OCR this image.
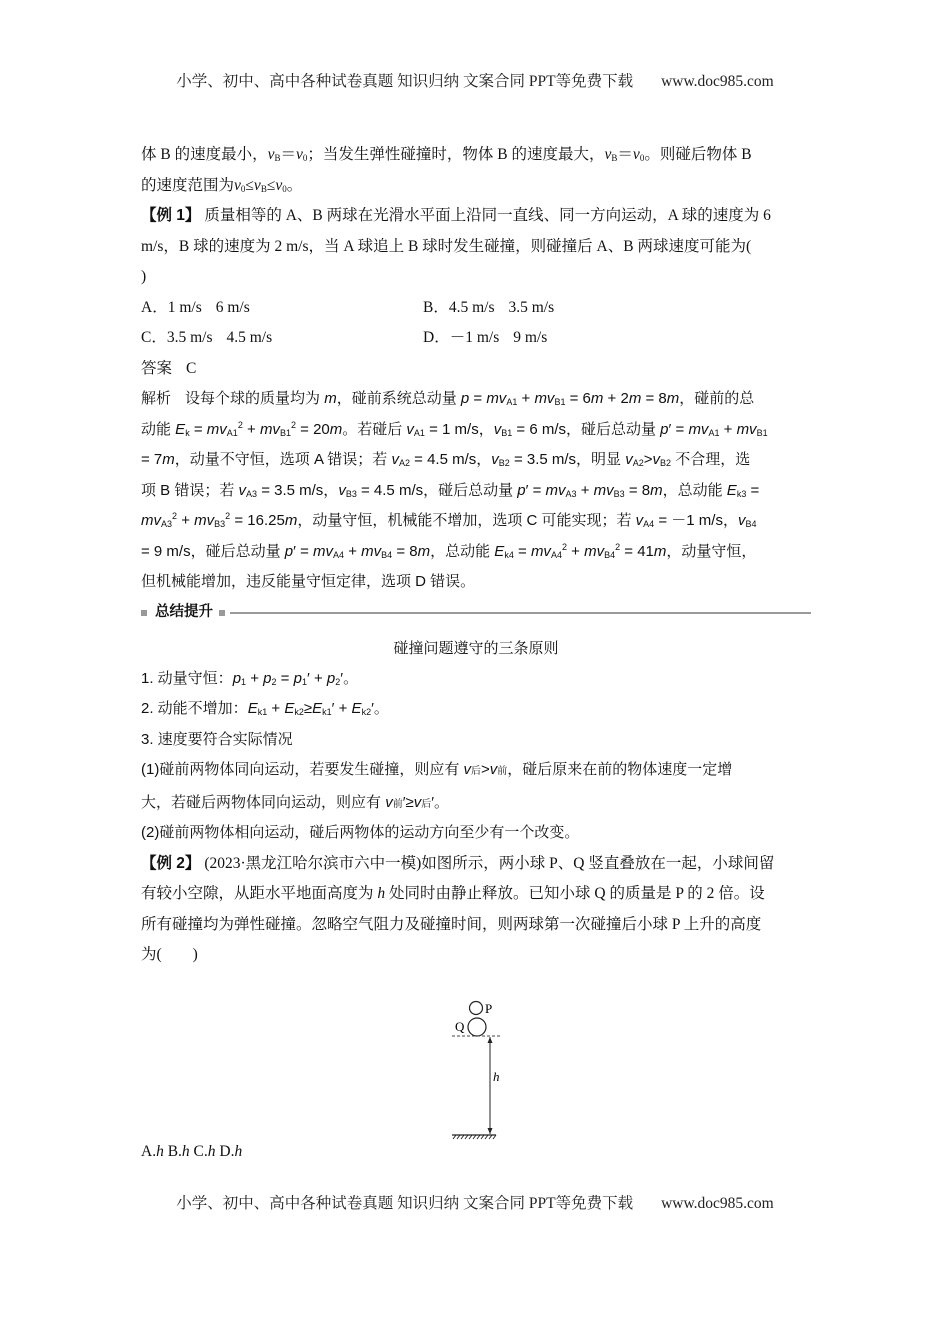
小学、初中、高中各种试卷真题 知识归纳 文案合同 PPT等免费下载 www.doc985.com
体 B 的速度最小，$v_B=v_0$；当发生弹性碰撞时，物体 B 的速度最大，$v_B=v_0$。则碰后物体 B
的速度范围为$v_0\le v_B\le v_0$。
【例 1】 质量相等的 A、B 两球在光滑水平面上沿同一直线、同一方向运动，A 球的速度为 6
m/s，B 球的速度为 2 m/s，当 A 球追上 B 球时发生碰撞，则碰撞后 A、B 两球速度可能为(
)
A．1 m/s 6 m/s	B．4.5 m/s 3.5 m/s
C．3.5 m/s 4.5 m/s	D．－1 m/s 9 m/s
答案 C
解析 设每个球的质量均为 m，碰前系统总动量 $p = mv_{A1} + mv_{B1} = 6m + 2m = 8m$，碰前的总
动能 $E_k = mv_{A1}^2 + mv_{B1}^2 = 20m$。若碰后 $v_{A1} = 1$ m/s，$v_{B1} = 6$ m/s，碰后总动量 $p' = mv_{A1} + mv_{B1}$
= 7m，动量不守恒，选项 A 错误；若 $v_{A2} = 4.5$ m/s，$v_{B2} = 3.5$ m/s，明显 $v_{A2}>v_{B2}$ 不合理，选
项 B 错误；若 $v_{A3} = 3.5$ m/s，$v_{B3} = 4.5$ m/s，碰后总动量 $p' = mv_{A3} + mv_{B3} = 8m$，总动能 $E_{k3}$ =
$mv_{A3}^2 + mv_{B3}^2 = 16.25m$，动量守恒，机械能不增加，选项 C 可能实现；若 $v_{A4} = -1$ m/s，$v_{B4}$
= 9 m/s，碰后总动量 $p' = mv_{A4} + mv_{B4} = 8m$，总动能 $E_{k4} = mv_{A4}^2 + mv_{B4}^2 = 41m$，动量守恒，
但机械能增加，违反能量守恒定律，选项 D 错误。
总结提升
碰撞问题遵守的三条原则
1. 动量守恒：$p_1 + p_2 = p_1' + p_2'$。
2. 动能不增加：$E_{k1} + E_{k2}\ge E_{k1}' + E_{k2}'$。
3. 速度要符合实际情况
(1)碰前两物体同向运动，若要发生碰撞，则应有 v后>v前，碰后原来在前的物体速度一定增
大，若碰后两物体同向运动，则应有 v前′≥v后′。
(2)碰前两物体相向运动，碰后两物体的运动方向至少有一个改变。
【例 2】 (2023·黑龙江哈尔滨市六中一模)如图所示，两小球 P、Q 竖直叠放在一起，小球间留
有较小空隙，从距水平地面高度为 h 处同时由静止释放。已知小球 Q 的质量是 P 的 2 倍。设
所有碰撞均为弹性碰撞。忽略空气阻力及碰撞时间，则两球第一次碰撞后小球 P 上升的高度
为(　　)
P
Q
h
A.h B.h C.h D.h
小学、初中、高中各种试卷真题 知识归纳 文案合同 PPT等免费下载 www.doc985.com
